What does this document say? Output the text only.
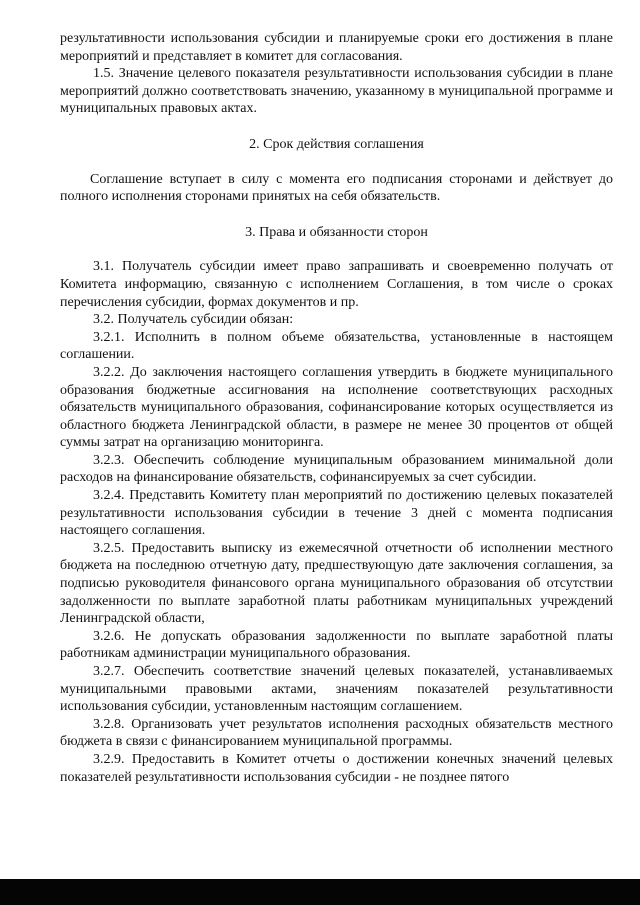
результативности использования субсидии и планируемые сроки его достижения в плане мероприятий и представляет в комитет для согласования.

1.5. Значение целевого показателя результативности использования субсидии в плане мероприятий должно соответствовать значению, указанному в муниципальной программе и муниципальных правовых актах.

2. Срок действия соглашения

Соглашение вступает в силу с момента его подписания сторонами и действует до полного исполнения сторонами принятых на себя обязательств.

3. Права и обязанности сторон

3.1. Получатель субсидии имеет право запрашивать и своевременно получать от Комитета информацию, связанную с исполнением Соглашения, в том числе о сроках перечисления субсидии, формах документов и пр.

3.2. Получатель субсидии обязан:

3.2.1. Исполнить в полном объеме обязательства, установленные в настоящем соглашении.

3.2.2. До заключения настоящего соглашения утвердить в бюджете муниципального образования бюджетные ассигнования на исполнение соответствующих расходных обязательств муниципального образования, софинансирование которых осуществляется из областного бюджета Ленинградской области, в размере не менее 30 процентов от общей суммы затрат на организацию мониторинга.

3.2.3. Обеспечить соблюдение муниципальным образованием минимальной доли расходов на финансирование обязательств, софинансируемых за счет субсидии.

3.2.4. Представить Комитету план мероприятий по достижению целевых показателей результативности использования субсидии в течение 3 дней с момента подписания настоящего соглашения.

3.2.5. Предоставить выписку из ежемесячной отчетности об исполнении местного бюджета на последнюю отчетную дату, предшествующую дате заключения соглашения, за подписью руководителя финансового органа муниципального образования об отсутствии задолженности по выплате заработной платы работникам муниципальных учреждений Ленинградской области,

3.2.6. Не допускать образования задолженности по выплате заработной платы работникам администрации муниципального образования.

3.2.7. Обеспечить соответствие значений целевых показателей, устанавливаемых муниципальными правовыми актами, значениям показателей результативности использования субсидии, установленным настоящим соглашением.

3.2.8. Организовать учет результатов исполнения расходных обязательств местного бюджета в связи с финансированием муниципальной программы.

3.2.9. Предоставить в Комитет отчеты о достижении конечных значений целевых показателей результативности использования субсидии - не позднее пятого
